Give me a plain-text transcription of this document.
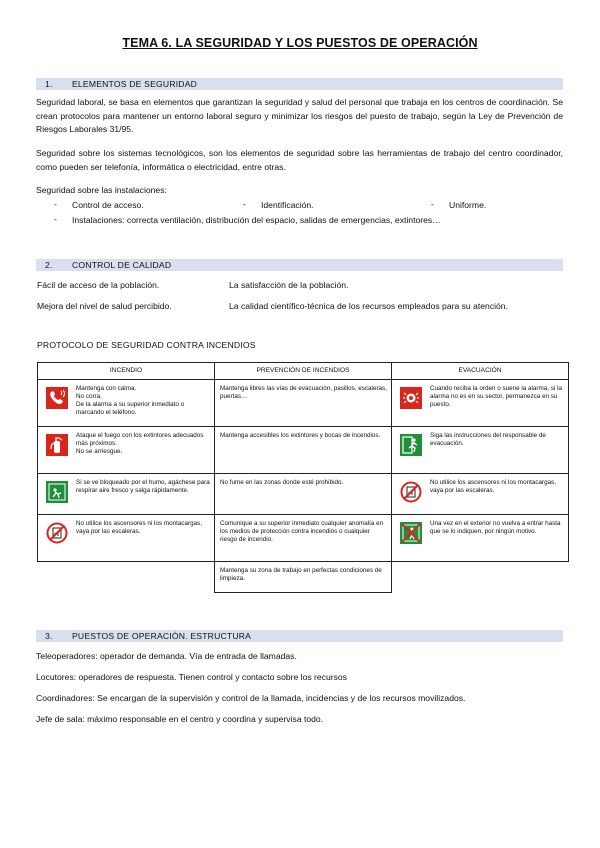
TEMA 6. LA SEGURIDAD Y LOS PUESTOS DE OPERACIÓN
1. ELEMENTOS DE SEGURIDAD
Seguridad laboral, se basa en elementos que garantizan la seguridad y salud del personal que trabaja en los centros de coordinación. Se crean protocolos para mantener un entorno laboral seguro y minimizar los riesgos del puesto de trabajo, según la Ley de Prevención de Riesgos Laborales 31/95.
Seguridad sobre los sistemas tecnológicos, son los elementos de seguridad sobre las herramientas de trabajo del centro coordinador, como pueden ser telefonía, informática o electricidad, entre otras.
Seguridad sobre las instalaciones:
- Control de acceso.	- Identificación.	- Uniforme.
- Instalaciones: correcta ventilación, distribución del espacio, salidas de emergencias, extintores…
2. CONTROL DE CALIDAD
Fácil de acceso de la población.	La satisfacción de la población.
Mejora del nivel de salud percibido.	La calidad científico-técnica de los recursos empleados para su atención.
PROTOCOLO DE SEGURIDAD CONTRA INCENDIOS
INCENDIO	PREVENCIÓN DE INCENDIOS	EVACUACIÓN

Mantenga con calma.
No corra.
De la alarma a su superior inmediato o marcando el teléfono.	Mantenga libres las vías de evacuación, pasillos, escaleras, puertas…	Cuando reciba la orden o suene la alarma, si la alarma no es en su sector, permanezca en su puesto.

Ataque el fuego con los extintores adecuados más próximos.
No se arriesgue.	Mantenga accesibles los extintores y bocas de incendios.	Siga las instrucciones del responsable de evacuación.

Si se ve bloqueado por el humo, agáchese para respirar aire fresco y salga rápidamente.	No fume en las zonas donde esté prohibido.	No utilice los ascensores ni los montacargas, vaya por las escaleras.

No utilice los ascensores ni los montacargas, vaya por las escaleras.	Comunique a su superior inmediato cualquier anomalía en los medios de protección contra incendios o cualquier riesgo de incendio.	Una vez en el exterior no vuelva a entrar hasta que se lo indiquen, por ningún motivo.

	Mantenga su zona de trabajo en perfectas condiciones de limpieza.	

3. PUESTOS DE OPERACIÓN. ESTRUCTURA
Teleoperadores: operador de demanda. Vía de entrada de llamadas.
Locutores: operadores de respuesta. Tienen control y contacto sobre los recursos
Coordinadores: Se encargan de la supervisión y control de la llamada, incidencias y de los recursos movilizados.
Jefe de sala: máximo responsable en el centro y coordina y supervisa todo.
